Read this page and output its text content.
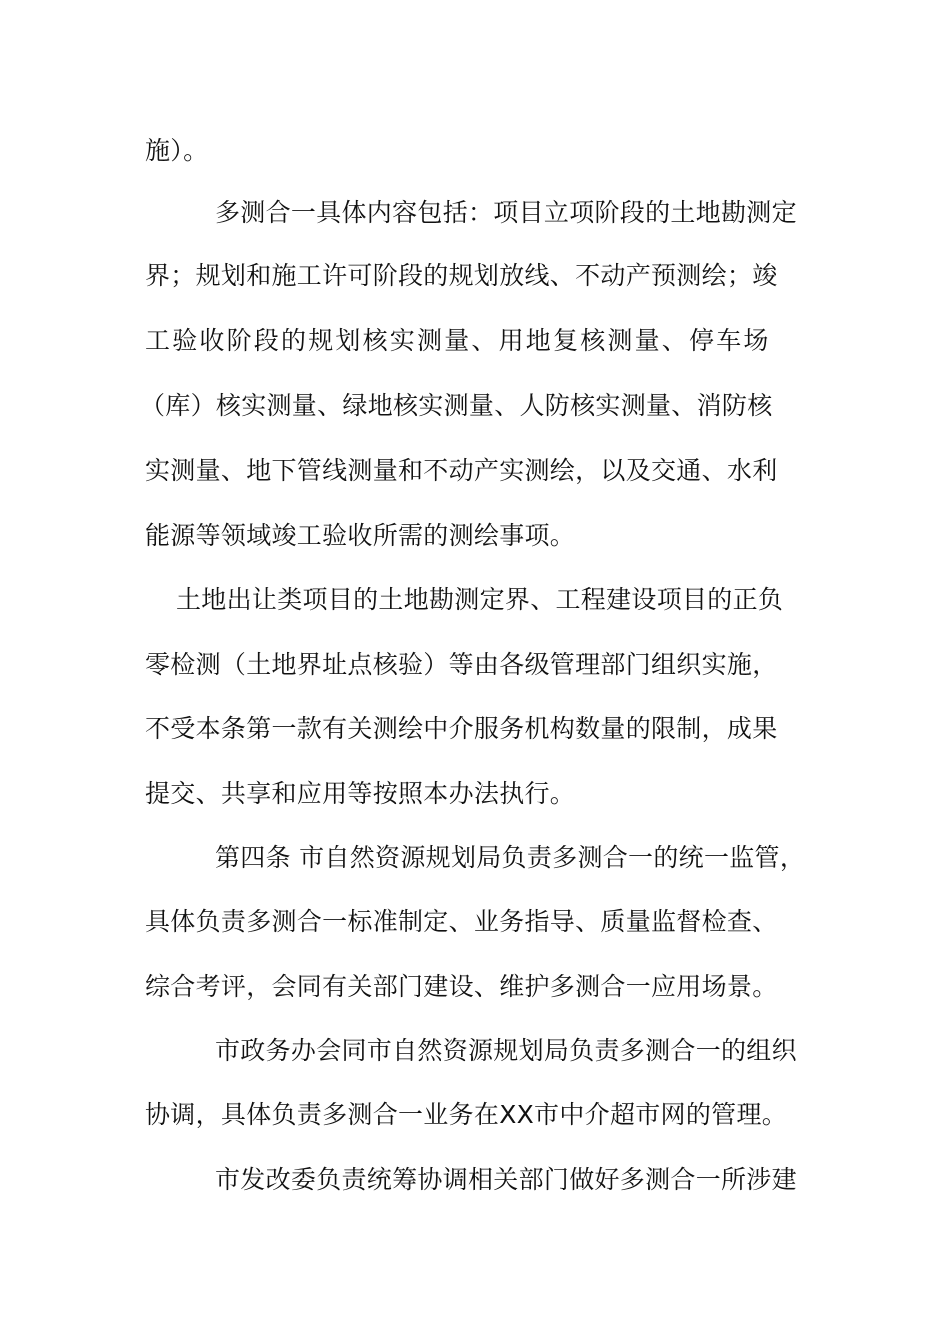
施）。
多测合一具体内容包括：项目立项阶段的土地勘测定
界；规划和施工许可阶段的规划放线、不动产预测绘；竣
工验收阶段的规划核实测量、用地复核测量、停车场
（库）核实测量、绿地核实测量、人防核实测量、消防核
实测量、地下管线测量和不动产实测绘，以及交通、水利
能源等领域竣工验收所需的测绘事项。
土地出让类项目的土地勘测定界、工程建设项目的正负
零检测（土地界址点核验）等由各级管理部门组织实施，
不受本条第一款有关测绘中介服务机构数量的限制，成果
提交、共享和应用等按照本办法执行。
第四条 市自然资源规划局负责多测合一的统一监管，
具体负责多测合一标准制定、业务指导、质量监督检查、
综合考评，会同有关部门建设、维护多测合一应用场景。
市政务办会同市自然资源规划局负责多测合一的组织
协调，具体负责多测合一业务在XX市中介超市网的管理。
市发改委负责统筹协调相关部门做好多测合一所涉建
